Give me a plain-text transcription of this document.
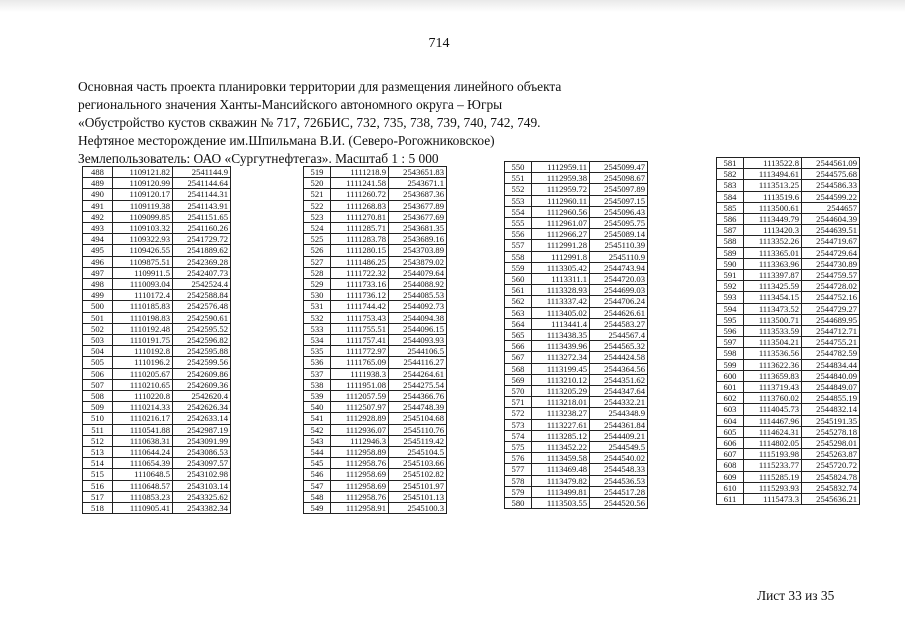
714
Основная часть проекта планировки территории для размещения линейного объекта
регионального значения Ханты-Мансийского автономного округа – Югры
«Обустройство кустов скважин № 717, 726БИС, 732, 735, 738, 739, 740, 742, 749.
Нефтяное месторождение им.Шпильмана В.И. (Северо-Рогожниковское)
Землепользователь: ОАО «Сургутнефтегаз». Масштаб 1 : 5 000
488	1109121.82	2541144.9
489	1109120.99	2541144.64
490	1109120.17	2541144.31
491	1109119.38	2541143.91
492	1109099.85	2541151.65
493	1109103.32	2541160.26
494	1109322.93	2541729.72
495	1109426.55	2541889.62
496	1109875.51	2542369.28
497	1109911.5	2542407.73
498	1110093.04	2542524.4
499	1110172.4	2542588.84
500	1110185.83	2542576.48
501	1110198.83	2542590.61
502	1110192.48	2542595.52
503	1110191.75	2542596.82
504	1110192.8	2542595.88
505	1110196.2	2542599.56
506	1110205.67	2542609.86
507	1110210.65	2542609.36
508	1110220.8	2542620.4
509	1110214.33	2542626.34
510	1110216.17	2542633.14
511	1110541.88	2542987.19
512	1110638.31	2543091.99
513	1110644.24	2543086.53
514	1110654.39	2543097.57
515	1110648.5	2543102.98
516	1110648.57	2543103.14
517	1110853.23	2543325.62
518	1110905.41	2543382.34
519	1111218.9	2543651.83
520	1111241.58	2543671.1
521	1111260.72	2543687.36
522	1111268.83	2543677.89
523	1111270.81	2543677.69
524	1111285.71	2543681.35
525	1111283.78	2543689.16
526	1111280.15	2543703.89
527	1111486.25	2543879.02
528	1111722.32	2544079.64
529	1111733.16	2544088.92
530	1111736.12	2544085.53
531	1111744.42	2544092.73
532	1111753.43	2544094.38
533	1111755.51	2544096.15
534	1111757.41	2544093.93
535	1111772.97	2544106.5
536	1111765.09	2544116.27
537	1111938.3	2544264.61
538	1111951.08	2544275.54
539	1112057.59	2544366.76
540	1112507.97	2544748.39
541	1112928.89	2545104.68
542	1112936.07	2545110.76
543	1112946.3	2545119.42
544	1112958.89	2545104.5
545	1112958.76	2545103.66
546	1112958.69	2545102.82
547	1112958.69	2545101.97
548	1112958.76	2545101.13
549	1112958.91	2545100.3
550	1112959.11	2545099.47
551	1112959.38	2545098.67
552	1112959.72	2545097.89
553	1112960.11	2545097.15
554	1112960.56	2545096.43
555	1112961.07	2545095.75
556	1112966.27	2545089.14
557	1112991.28	2545110.39
558	1112991.8	2545110.9
559	1113305.42	2544743.94
560	1113311.1	2544720.03
561	1113328.93	2544699.03
562	1113337.42	2544706.24
563	1113405.02	2544626.61
564	1113441.4	2544583.27
565	1113438.35	2544567.4
566	1113439.96	2544565.32
567	1113272.34	2544424.58
568	1113199.45	2544364.56
569	1113210.12	2544351.62
570	1113205.29	2544347.64
571	1113218.01	2544332.21
572	1113238.27	2544348.9
573	1113227.61	2544361.84
574	1113285.12	2544409.21
575	1113452.22	2544549.5
576	1113459.58	2544540.02
577	1113469.48	2544548.33
578	1113479.82	2544536.53
579	1113499.81	2544517.28
580	1113503.55	2544520.56
581	1113522.8	2544561.09
582	1113494.61	2544575.68
583	1113513.25	2544586.33
584	1113519.6	2544599.22
585	1113500.61	2544657
586	1113449.79	2544604.39
587	1113420.3	2544639.51
588	1113352.26	2544719.67
589	1113365.01	2544729.64
590	1113363.96	2544730.89
591	1113397.87	2544759.57
592	1113425.59	2544728.02
593	1113454.15	2544752.16
594	1113473.52	2544729.27
595	1113500.71	2544689.95
596	1113533.59	2544712.71
597	1113504.21	2544755.21
598	1113536.56	2544782.59
599	1113622.36	2544834.44
600	1113659.83	2544840.09
601	1113719.43	2544849.07
602	1113760.02	2544855.19
603	1114045.73	2544832.14
604	1114467.96	2545191.35
605	1114624.31	2545278.18
606	1114802.05	2545298.01
607	1115193.98	2545263.87
608	1115233.77	2545720.72
609	1115285.19	2545824.78
610	1115293.93	2545832.74
611	1115473.3	2545636.21
Лист 33 из 35
